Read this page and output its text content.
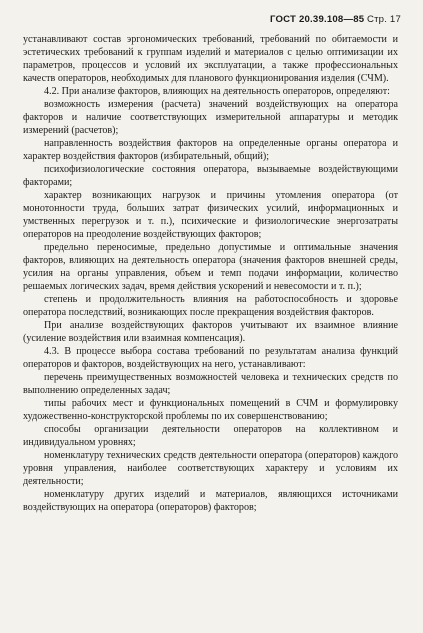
ГОСТ 20.39.108—85 Стр. 17

устанавливают состав эргономических требований, требований по обитаемости и эстетических требований к группам изделий и материалов с целью оптимизации их параметров, процессов и условий их эксплуатации, а также профессиональных качеств операторов, необходимых для планового функционирования изделия (СЧМ).

4.2. При анализе факторов, влияющих на деятельность операторов, определяют:

возможность измерения (расчета) значений воздействующих на оператора факторов и наличие соответствующих измерительной аппаратуры и методик измерений (расчетов);

направленность воздействия факторов на определенные органы оператора и характер воздействия факторов (избирательный, общий);

психофизиологические состояния оператора, вызываемые воздействующими факторами;

характер возникающих нагрузок и причины утомления оператора (от монотонности труда, больших затрат физических усилий, информационных и умственных перегрузок и т. п.), психические и физиологические энергозатраты операторов на преодоление воздействующих факторов;

предельно переносимые, предельно допустимые и оптимальные значения факторов, влияющих на деятельность оператора (значения факторов внешней среды, усилия на органы управления, объем и темп подачи информации, количество решаемых логических задач, время действия ускорений и невесомости и т. п.);

степень и продолжительность влияния на работоспособность и здоровье оператора последствий, возникающих после прекращения воздействия факторов.

При анализе воздействующих факторов учитывают их взаимное влияние (усиление воздействия или взаимная компенсация).

4.3. В процессе выбора состава требований по результатам анализа функций операторов и факторов, воздействующих на него, устанавливают:

перечень преимущественных возможностей человека и технических средств по выполнению определенных задач;

типы рабочих мест и функциональных помещений в СЧМ и формулировку художественно-конструкторской проблемы по их совершенствованию;

способы организации деятельности операторов на коллективном и индивидуальном уровнях;

номенклатуру технических средств деятельности оператора (операторов) каждого уровня управления, наиболее соответствующих характеру и условиям их деятельности;

номенклатуру других изделий и материалов, являющихся источниками воздействующих на оператора (операторов) факторов;
